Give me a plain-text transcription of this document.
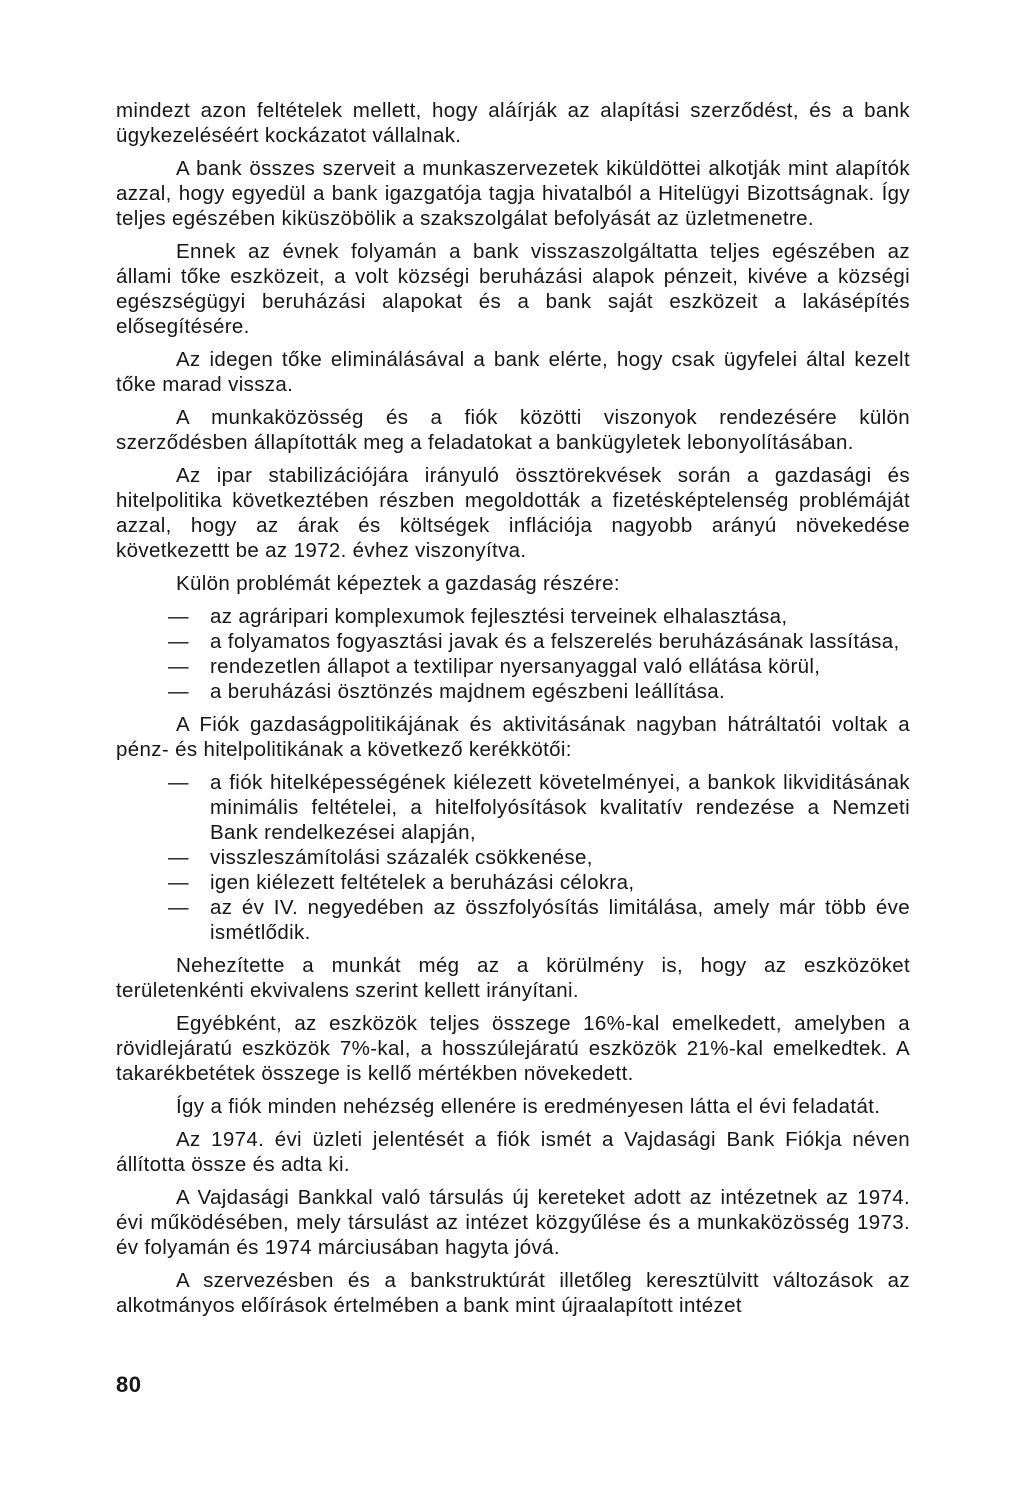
mindezt azon feltételek mellett, hogy aláírják az alapítási szerződést, és a bank ügykezeléséért kockázatot vállalnak.

A bank összes szerveit a munkaszervezetek kiküldöttei alkotják mint alapítók azzal, hogy egyedül a bank igazgatója tagja hivatalból a Hitelügyi Bizottságnak. Így teljes egészében kiküszöbölik a szakszolgálat befolyását az üzletmenetre.

Ennek az évnek folyamán a bank visszaszolgáltatta teljes egészében az állami tőke eszközeit, a volt községi beruházási alapok pénzeit, kivéve a községi egészségügyi beruházási alapokat és a bank saját eszközeit a lakásépítés elősegítésére.

Az idegen tőke eliminálásával a bank elérte, hogy csak ügyfelei által kezelt tőke marad vissza.

A munkaközösség és a fiók közötti viszonyok rendezésére külön szerződésben állapították meg a feladatokat a bankügyletek lebonyolításában.

Az ipar stabilizációjára irányuló össztörekvések során a gazdasági és hitelpolitika következtében részben megoldották a fizetésképtelenség problémáját azzal, hogy az árak és költségek inflációja nagyobb arányú növekedése következettt be az 1972. évhez viszonyítva.

Külön problémát képeztek a gazdaság részére:

— az agráripari komplexumok fejlesztési terveinek elhalasztása,
— a folyamatos fogyasztási javak és a felszerelés beruházásának lassítása,
— rendezetlen állapot a textilipar nyersanyaggal való ellátása körül,
— a beruházási ösztönzés majdnem egészbeni leállítása.

A Fiók gazdaságpolitikájának és aktivitásának nagyban hátráltatói voltak a pénz- és hitelpolitikának a következő kerékkötői:

— a fiók hitelképességének kiélezett követelményei, a bankok likviditásának minimális feltételei, a hitelfolyósítások kvalitatív rendezése a Nemzeti Bank rendelkezései alapján,
— visszleszámítolási százalék csökkenése,
— igen kiélezett feltételek a beruházási célokra,
— az év IV. negyedében az összfolyósítás limitálása, amely már több éve ismétlődik.

Nehezítette a munkát még az a körülmény is, hogy az eszközöket területenkénti ekvivalens szerint kellett irányítani.

Egyébként, az eszközök teljes összege 16%-kal emelkedett, amelyben a rövidlejáratú eszközök 7%-kal, a hosszúlejáratú eszközök 21%-kal emelkedtek. A takarékbetétek összege is kellő mértékben növekedett.

Így a fiók minden nehézség ellenére is eredményesen látta el évi feladatát.

Az 1974. évi üzleti jelentését a fiók ismét a Vajdasági Bank Fiókja néven állította össze és adta ki.

A Vajdasági Bankkal való társulás új kereteket adott az intézetnek az 1974. évi működésében, mely társulást az intézet közgyűlése és a munkaközösség 1973. év folyamán és 1974 márciusában hagyta jóvá.

A szervezésben és a bankstruktúrát illetőleg keresztülvitt változások az alkotmányos előírások értelmében a bank mint újraalapított intézet

80
